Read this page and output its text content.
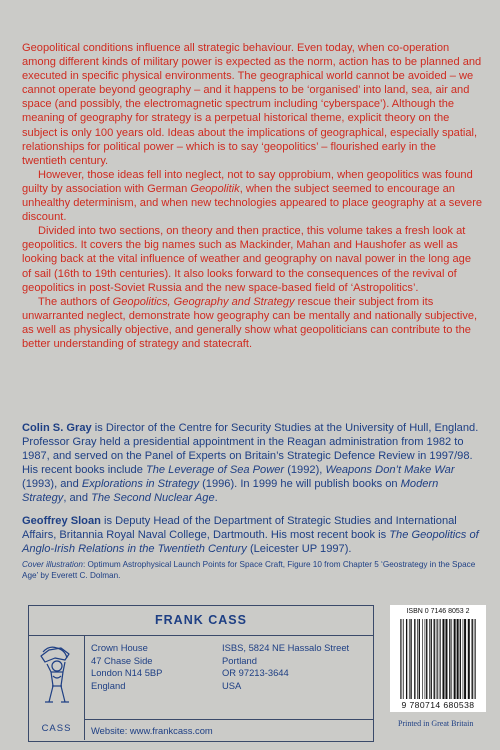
Geopolitical conditions influence all strategic behaviour. Even today, when co-operation among different kinds of military power is expected as the norm, action has to be planned and executed in specific physical environments. The geographical world cannot be avoided – we cannot operate beyond geography – and it happens to be ‘organised’ into land, sea, air and space (and possibly, the electromagnetic spectrum including ‘cyberspace’). Although the meaning of geography for strategy is a perpetual historical theme, explicit theory on the subject is only 100 years old. Ideas about the implications of geographical, especially spatial, relationships for political power – which is to say ‘geopolitics’ – flourished early in the twentieth century.

However, those ideas fell into neglect, not to say opprobium, when geopolitics was found guilty by association with German Geopolitik, when the subject seemed to encourage an unhealthy determinism, and when new technologies appeared to place geography at a severe discount.

Divided into two sections, on theory and then practice, this volume takes a fresh look at geopolitics. It covers the big names such as Mackinder, Mahan and Haushofer as well as looking back at the vital influence of weather and geography on naval power in the long age of sail (16th to 19th centuries). It also looks forward to the consequences of the revival of geopolitics in post-Soviet Russia and the new space-based field of ‘Astropolitics’.

The authors of Geopolitics, Geography and Strategy rescue their subject from its unwarranted neglect, demonstrate how geography can be mentally and nationally subjective, as well as physically objective, and generally show what geopoliticians can contribute to the better understanding of strategy and statecraft.

Colin S. Gray is Director of the Centre for Security Studies at the University of Hull, England. Professor Gray held a presidential appointment in the Reagan administration from 1982 to 1987, and served on the Panel of Experts on Britain’s Strategic Defence Review in 1997/98. His recent books include The Leverage of Sea Power (1992), Weapons Don’t Make War (1993), and Explorations in Strategy (1996). In 1999 he will publish books on Modern Strategy, and The Second Nuclear Age.

Geoffrey Sloan is Deputy Head of the Department of Strategic Studies and International Affairs, Britannia Royal Naval College, Dartmouth. His most recent book is The Geopolitics of Anglo-Irish Relations in the Twentieth Century (Leicester UP 1997).

Cover illustration: Optimum Astrophysical Launch Points for Space Craft, Figure 10 from Chapter 5 ‘Geostrategy in the Space Age’ by Everett C. Dolman.
FRANK CASS
CASS
Crown House
47 Chase Side
London N14 5BP
England
ISBS, 5824 NE Hassalo Street
Portland
OR 97213-3644
USA
Website: www.frankcass.com
ISBN 0 7146 8053 2
9 780714 680538
Printed in Great Britain
